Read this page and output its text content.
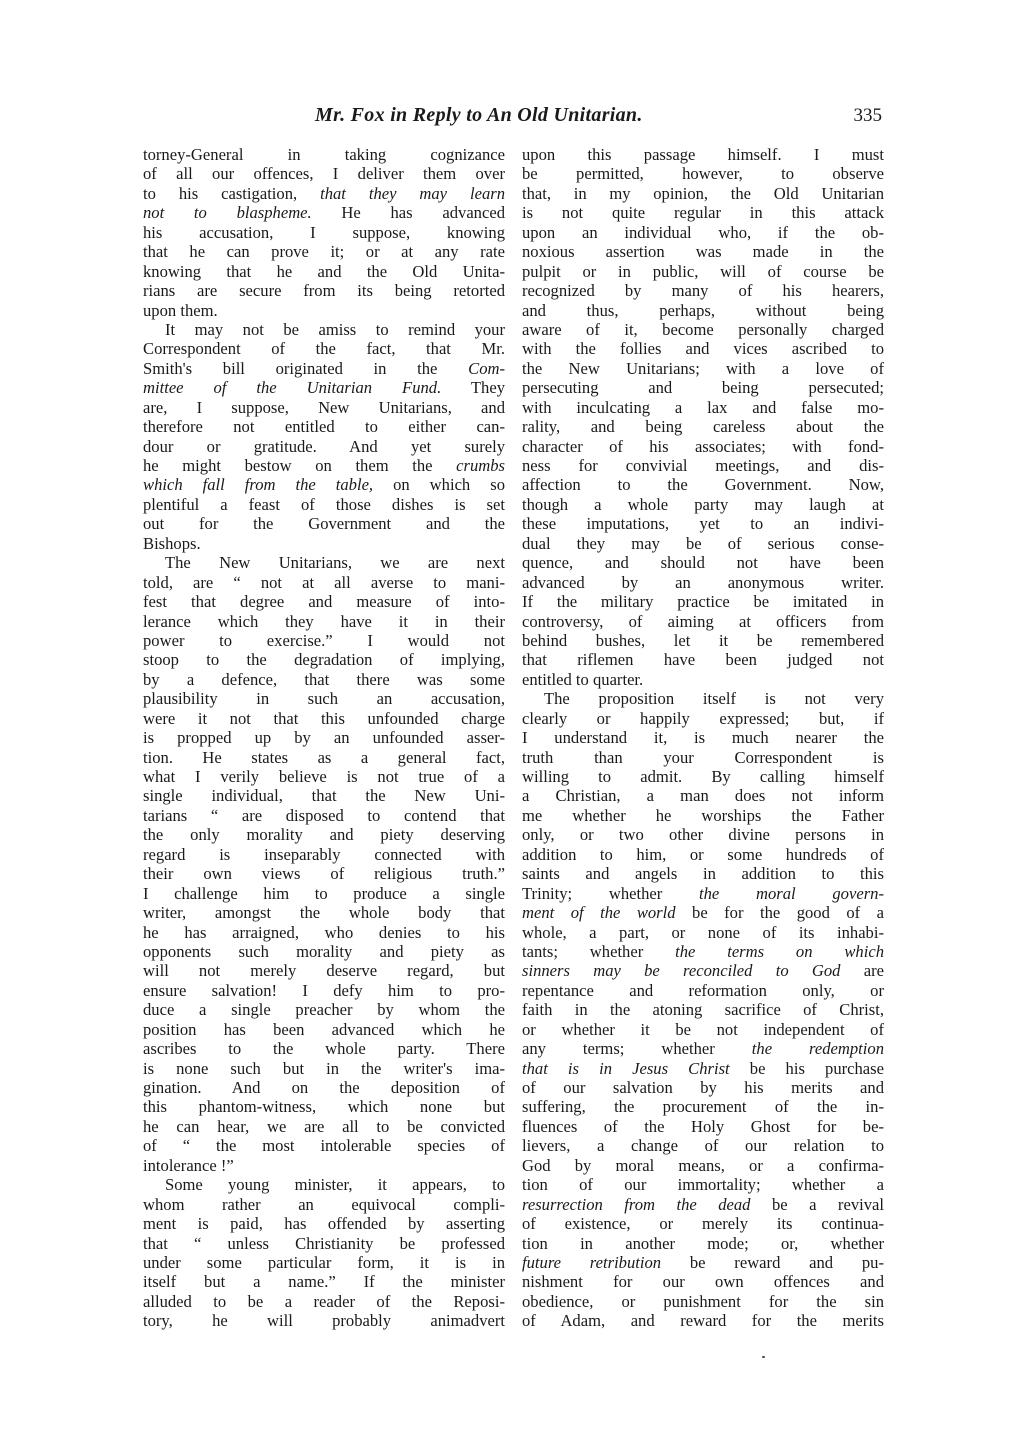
Mr. Fox in Reply to An Old Unitarian.	335
torney-General in taking cognizance
of all our offences, I deliver them over
to his castigation, that they may learn
not to blaspheme. He has advanced
his accusation, I suppose, knowing
that he can prove it; or at any rate
knowing that he and the Old Unita-
rians are secure from its being retorted
upon them.
It may not be amiss to remind your
Correspondent of the fact, that Mr.
Smith's bill originated in the Com-
mittee of the Unitarian Fund. They
are, I suppose, New Unitarians, and
therefore not entitled to either can-
dour or gratitude. And yet surely
he might bestow on them the crumbs
which fall from the table, on which so
plentiful a feast of those dishes is set
out for the Government and the
Bishops.
The New Unitarians, we are next
told, are “ not at all averse to mani-
fest that degree and measure of into-
lerance which they have it in their
power to exercise.” I would not
stoop to the degradation of implying,
by a defence, that there was some
plausibility in such an accusation,
were it not that this unfounded charge
is propped up by an unfounded asser-
tion. He states as a general fact,
what I verily believe is not true of a
single individual, that the New Uni-
tarians “ are disposed to contend that
the only morality and piety deserving
regard is inseparably connected with
their own views of religious truth.”
I challenge him to produce a single
writer, amongst the whole body that
he has arraigned, who denies to his
opponents such morality and piety as
will not merely deserve regard, but
ensure salvation! I defy him to pro-
duce a single preacher by whom the
position has been advanced which he
ascribes to the whole party. There
is none such but in the writer's ima-
gination. And on the deposition of
this phantom-witness, which none but
he can hear, we are all to be convicted
of “ the most intolerable species of
intolerance !”
Some young minister, it appears, to
whom rather an equivocal compli-
ment is paid, has offended by asserting
that “ unless Christianity be professed
under some particular form, it is in
itself but a name.” If the minister
alluded to be a reader of the Reposi-
tory, he will probably animadvert
upon this passage himself. I must
be permitted, however, to observe
that, in my opinion, the Old Unitarian
is not quite regular in this attack
upon an individual who, if the ob-
noxious assertion was made in the
pulpit or in public, will of course be
recognized by many of his hearers,
and thus, perhaps, without being
aware of it, become personally charged
with the follies and vices ascribed to
the New Unitarians; with a love of
persecuting and being persecuted;
with inculcating a lax and false mo-
rality, and being careless about the
character of his associates; with fond-
ness for convivial meetings, and dis-
affection to the Government. Now,
though a whole party may laugh at
these imputations, yet to an indivi-
dual they may be of serious conse-
quence, and should not have been
advanced by an anonymous writer.
If the military practice be imitated in
controversy, of aiming at officers from
behind bushes, let it be remembered
that riflemen have been judged not
entitled to quarter.
The proposition itself is not very
clearly or happily expressed; but, if
I understand it, is much nearer the
truth than your Correspondent is
willing to admit. By calling himself
a Christian, a man does not inform
me whether he worships the Father
only, or two other divine persons in
addition to him, or some hundreds of
saints and angels in addition to this
Trinity; whether the moral govern-
ment of the world be for the good of a
whole, a part, or none of its inhabi-
tants; whether the terms on which
sinners may be reconciled to God are
repentance and reformation only, or
faith in the atoning sacrifice of Christ,
or whether it be not independent of
any terms; whether the redemption
that is in Jesus Christ be his purchase
of our salvation by his merits and
suffering, the procurement of the in-
fluences of the Holy Ghost for be-
lievers, a change of our relation to
God by moral means, or a confirma-
tion of our immortality; whether a
resurrection from the dead be a revival
of existence, or merely its continua-
tion in another mode; or, whether
future retribution be reward and pu-
nishment for our own offences and
obedience, or punishment for the sin
of Adam, and reward for the merits
